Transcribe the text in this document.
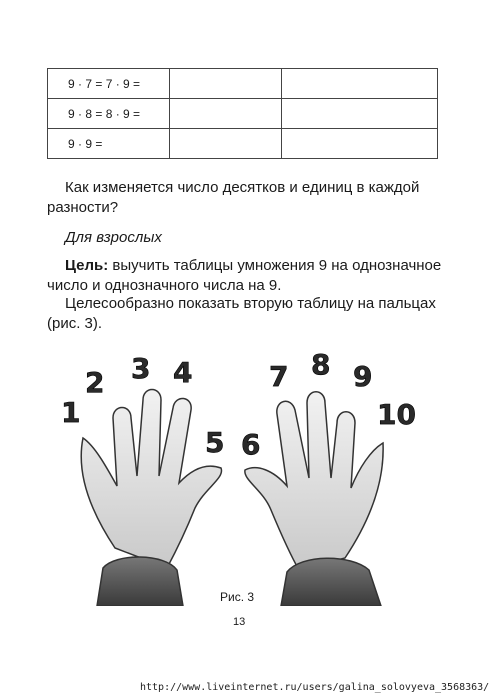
9 · 7 = 7 · 9 =		
9 · 8 = 8 · 9 =		
9 · 9 =		

Как изменяется число десятков и единиц в каждой разности?

Для взрослых

Цель: выучить таблицы умножения 9 на однозначное число и однозначного числа на 9.

Целесообразно показать вторую таблицу на пальцах (рис. 3).

1
2 3 4
5 6
7 8 9
10

Рис. 3

13

http://www.liveinternet.ru/users/galina_solovyeva_3568363/
